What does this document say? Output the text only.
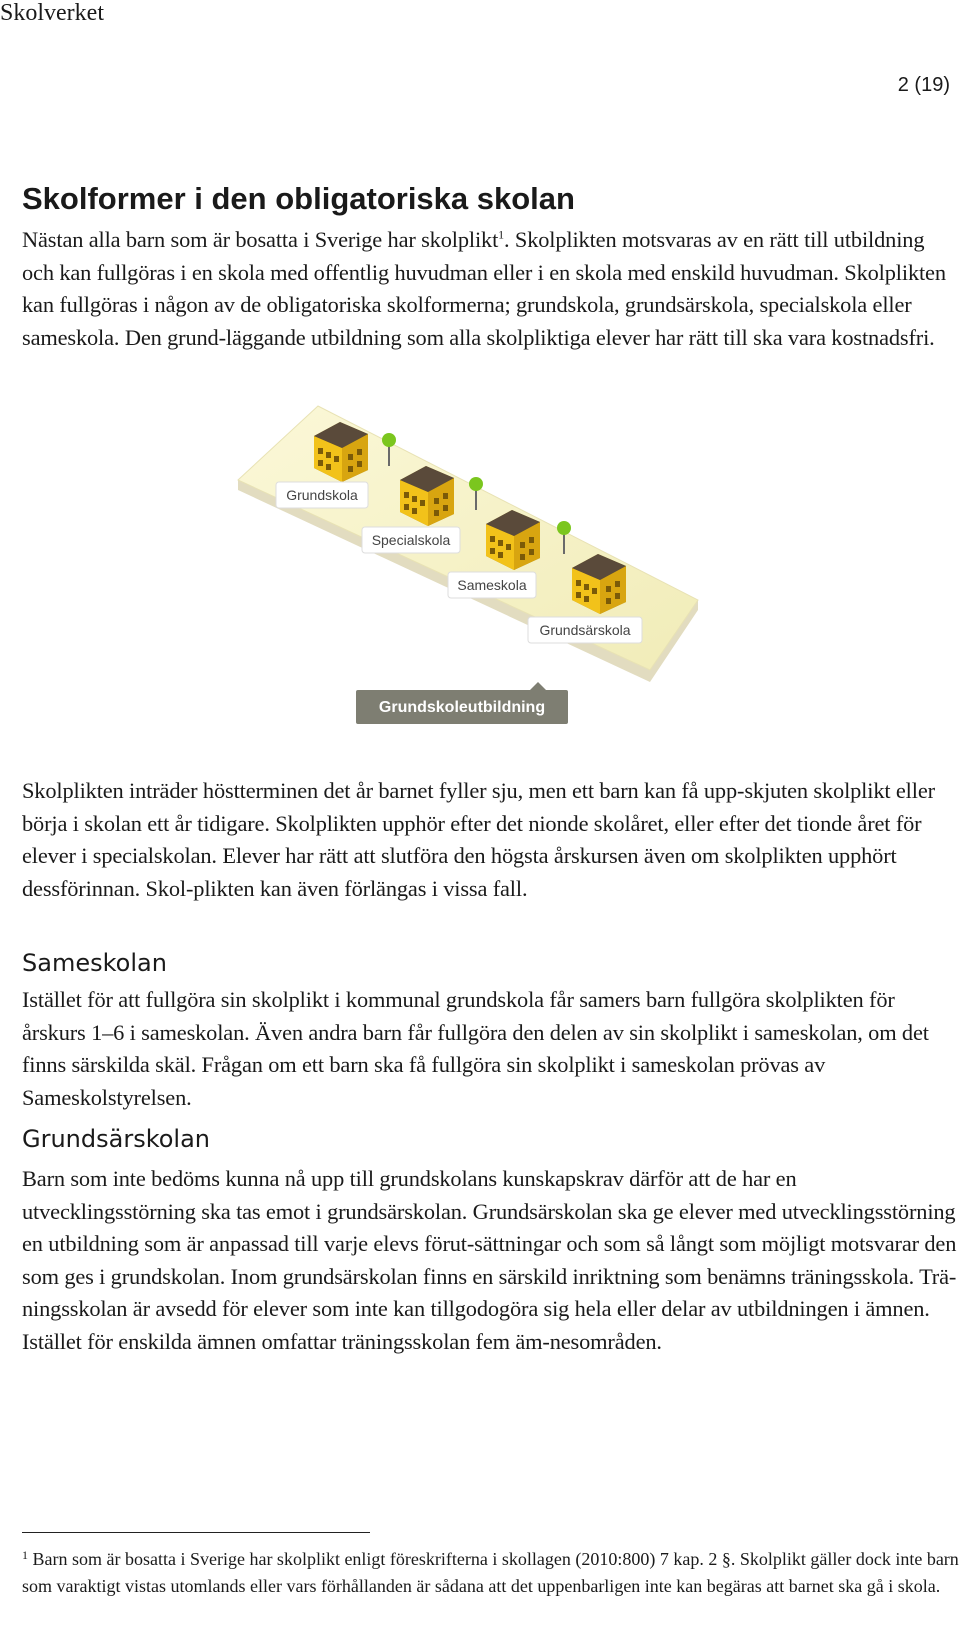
Skolverket
2 (19)
Skolformer i den obligatoriska skolan

Nästan alla barn som är bosatta i Sverige har skolplikt$^1$. Skolplikten motsvaras av en rätt till utbildning och kan fullgöras i en skola med offentlig huvudman eller i en skola med enskild huvudman. Skolplikten kan fullgöras i någon av de obligatoriska skolformerna; grundskola, grundsärskola, specialskola eller sameskola. Den grund-läggande utbildning som alla skolpliktiga elever har rätt till ska vara kostnadsfri.

Grundskola
Specialskola
Sameskola
Grundsärskola
Grundskoleutbildning

Skolplikten inträder höstterminen det år barnet fyller sju, men ett barn kan få upp-skjuten skolplikt eller börja i skolan ett år tidigare. Skolplikten upphör efter det nionde skolåret, eller efter det tionde året för elever i specialskolan. Elever har rätt att slutföra den högsta årskursen även om skolplikten upphört dessförinnan. Skol-plikten kan även förlängas i vissa fall.

Sameskolan

Istället för att fullgöra sin skolplikt i kommunal grundskola får samers barn fullgöra skolplikten för årskurs 1–6 i sameskolan. Även andra barn får fullgöra den delen av sin skolplikt i sameskolan, om det finns särskilda skäl. Frågan om ett barn ska få fullgöra sin skolplikt i sameskolan prövas av Sameskolstyrelsen.

Grundsärskolan

Barn som inte bedöms kunna nå upp till grundskolans kunskapskrav därför att de har en utvecklingsstörning ska tas emot i grundsärskolan. Grundsärskolan ska ge elever med utvecklingsstörning en utbildning som är anpassad till varje elevs förut-sättningar och som så långt som möjligt motsvarar den som ges i grundskolan. Inom grundsärskolan finns en särskild inriktning som benämns träningsskola. Trä-ningsskolan är avsedd för elever som inte kan tillgodogöra sig hela eller delar av utbildningen i ämnen. Istället för enskilda ämnen omfattar träningsskolan fem äm-nesområden.

$^1$ Barn som är bosatta i Sverige har skolplikt enligt föreskrifterna i skollagen (2010:800) 7 kap. 2 §. Skolplikt gäller dock inte barn som varaktigt vistas utomlands eller vars förhållanden är sådana att det uppenbarligen inte kan begäras att barnet ska gå i skola.
